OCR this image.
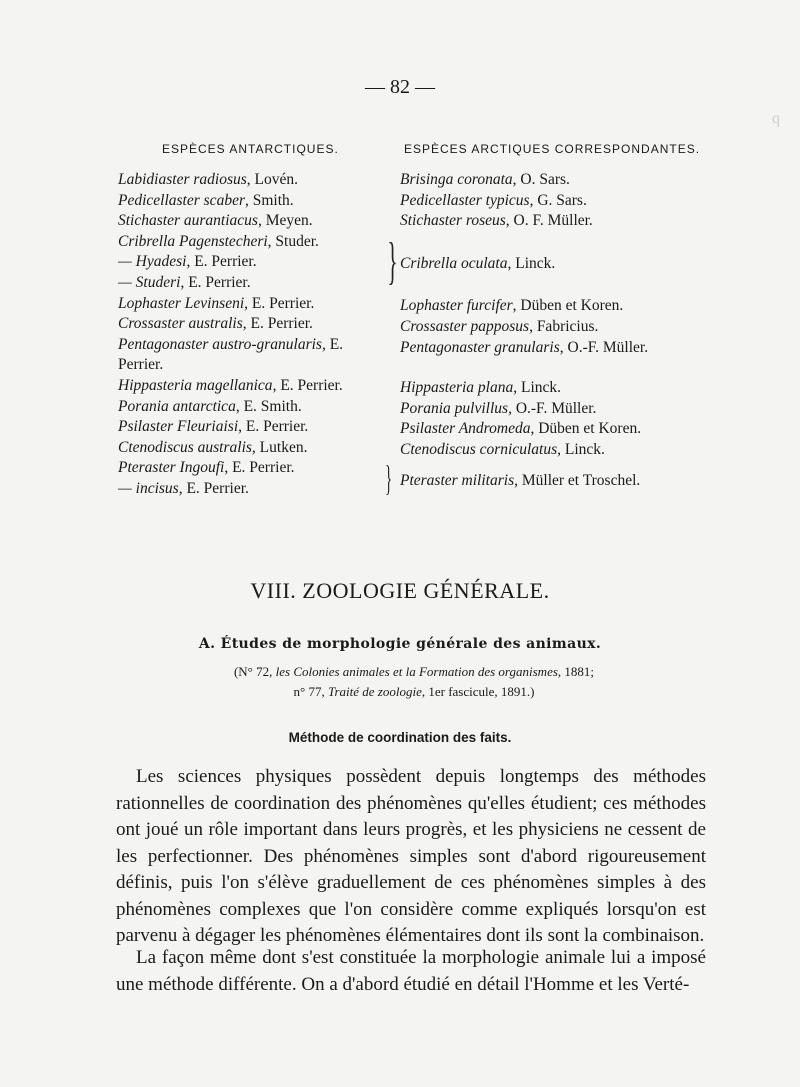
q
— 82 —
ESPÈCES ANTARCTIQUES.	ESPÈCES ARCTIQUES CORRESPONDANTES.
Labidiaster radiosus, Lovén.
Pedicellaster scaber, Smith.
Stichaster aurantiacus, Meyen.
Cribrella Pagenstecheri, Studer.
— Hyadesi, E. Perrier.
— Studeri, E. Perrier.
Lophaster Levinseni, E. Perrier.
Crossaster australis, E. Perrier.
Pentagonaster austro-granularis, E. Perrier.
Hippasteria magellanica, E. Perrier.
Porania antarctica, E. Smith.
Psilaster Fleuriaisi, E. Perrier.
Ctenodiscus australis, Lutken.
Pteraster Ingoufi, E. Perrier.
— incisus, E. Perrier.
}
}
Brisinga coronata, O. Sars.
Pedicellaster typicus, G. Sars.
Stichaster roseus, O. F. Müller.
Cribrella oculata, Linck.
Lophaster furcifer, Düben et Koren.
Crossaster papposus, Fabricius.
Pentagonaster granularis, O.-F. Müller.
Hippasteria plana, Linck.
Porania pulvillus, O.-F. Müller.
Psilaster Andromeda, Düben et Koren.
Ctenodiscus corniculatus, Linck.
Pteraster militaris, Müller et Troschel.
VIII. ZOOLOGIE GÉNÉRALE.
A. Études de morphologie générale des animaux.
(N° 72, les Colonies animales et la Formation des organismes, 1881;
n° 77, Traité de zoologie, 1er fascicule, 1891.)
Méthode de coordination des faits.
Les sciences physiques possèdent depuis longtemps des méthodes rationnelles de coordination des phénomènes qu'elles étudient; ces méthodes ont joué un rôle important dans leurs progrès, et les physiciens ne cessent de les perfectionner. Des phénomènes simples sont d'abord rigoureusement définis, puis l'on s'élève graduellement de ces phénomènes simples à des phénomènes complexes que l'on considère comme expliqués lorsqu'on est parvenu à dégager les phénomènes élémentaires dont ils sont la combinaison.
La façon même dont s'est constituée la morphologie animale lui a imposé une méthode différente. On a d'abord étudié en détail l'Homme et les Verté-
